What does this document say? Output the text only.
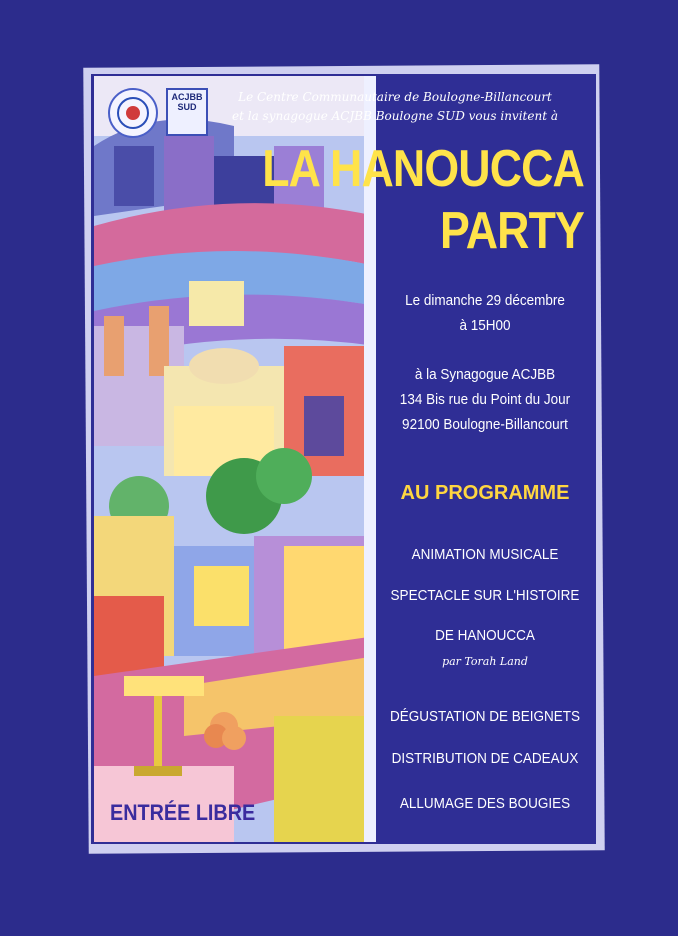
ACJBB SUD
Le Centre Communautaire de Boulogne-Billancourt
et la synagogue ACJBB Boulogne SUD vous invitent à
LA HANOUCCA
PARTY
Le dimanche 29 décembre
à 15H00
à la Synagogue ACJBB
134 Bis rue du Point du Jour
92100 Boulogne-Billancourt
AU PROGRAMME
ANIMATION MUSICALE
SPECTACLE SUR L'HISTOIRE
DE HANOUCCA
par Torah Land
DÉGUSTATION DE BEIGNETS
DISTRIBUTION DE CADEAUX
ALLUMAGE DES BOUGIES
ENTRÉE LIBRE
